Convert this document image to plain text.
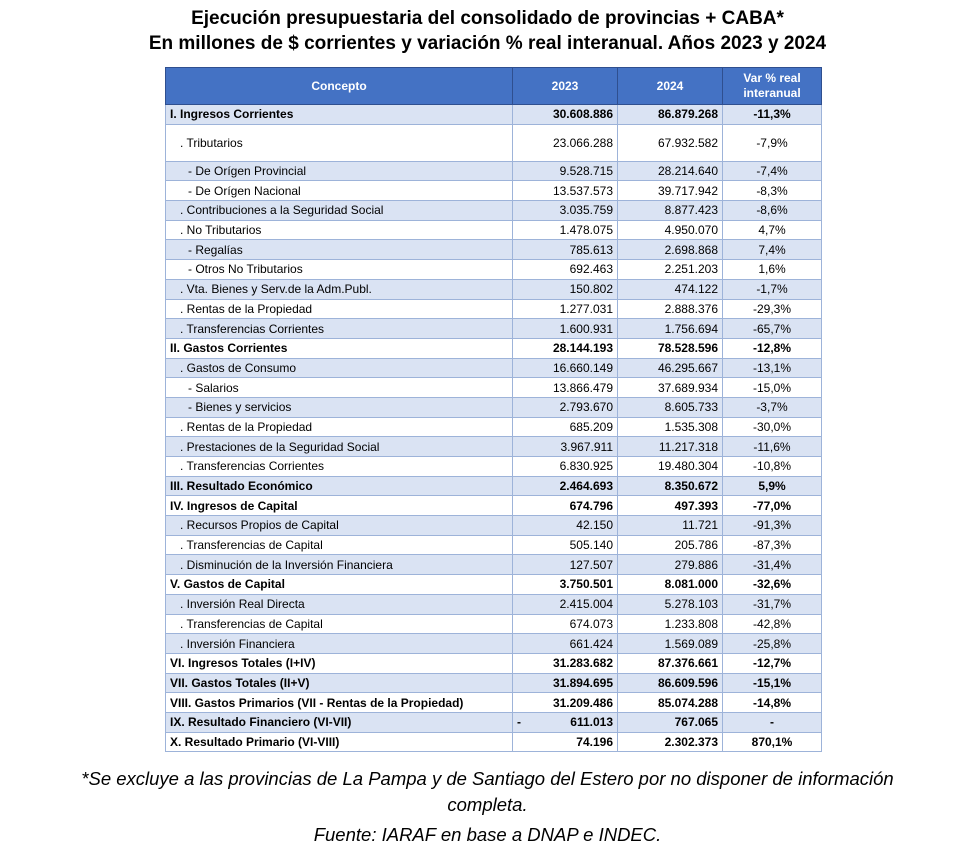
Ejecución presupuestaria del consolidado de provincias + CABA*
En millones de $ corrientes y variación % real interanual. Años 2023 y 2024
Concepto	2023	2024	Var % real interanual
I. Ingresos Corrientes	30.608.886	86.879.268	-11,3%
. Tributarios	23.066.288	67.932.582	-7,9%
- De Orígen Provincial	9.528.715	28.214.640	-7,4%
- De Orígen Nacional	13.537.573	39.717.942	-8,3%
. Contribuciones a la Seguridad Social	3.035.759	8.877.423	-8,6%
. No Tributarios	1.478.075	4.950.070	4,7%
- Regalías	785.613	2.698.868	7,4%
- Otros No Tributarios	692.463	2.251.203	1,6%
. Vta. Bienes y Serv.de la Adm.Publ.	150.802	474.122	-1,7%
. Rentas de la Propiedad	1.277.031	2.888.376	-29,3%
. Transferencias Corrientes	1.600.931	1.756.694	-65,7%
II. Gastos Corrientes	28.144.193	78.528.596	-12,8%
. Gastos de Consumo	16.660.149	46.295.667	-13,1%
- Salarios	13.866.479	37.689.934	-15,0%
- Bienes y servicios	2.793.670	8.605.733	-3,7%
. Rentas de la Propiedad	685.209	1.535.308	-30,0%
. Prestaciones de la Seguridad Social	3.967.911	11.217.318	-11,6%
. Transferencias Corrientes	6.830.925	19.480.304	-10,8%
III. Resultado Económico	2.464.693	8.350.672	5,9%
IV. Ingresos de Capital	674.796	497.393	-77,0%
. Recursos Propios de Capital	42.150	11.721	-91,3%
. Transferencias de Capital	505.140	205.786	-87,3%
. Disminución de la Inversión Financiera	127.507	279.886	-31,4%
V. Gastos de Capital	3.750.501	8.081.000	-32,6%
. Inversión Real Directa	2.415.004	5.278.103	-31,7%
. Transferencias de Capital	674.073	1.233.808	-42,8%
. Inversión Financiera	661.424	1.569.089	-25,8%
VI. Ingresos Totales (I+IV)	31.283.682	87.376.661	-12,7%
VII. Gastos Totales (II+V)	31.894.695	86.609.596	-15,1%
VIII. Gastos Primarios (VII - Rentas de la Propiedad)	31.209.486	85.074.288	-14,8%
IX. Resultado Financiero (VI-VII)	- 611.013	767.065	-
X. Resultado Primario (VI-VIII)	74.196	2.302.373	870,1%
*Se excluye a las provincias de La Pampa y de Santiago del Estero por no disponer de información
completa.
Fuente: IARAF en base a DNAP e INDEC.
